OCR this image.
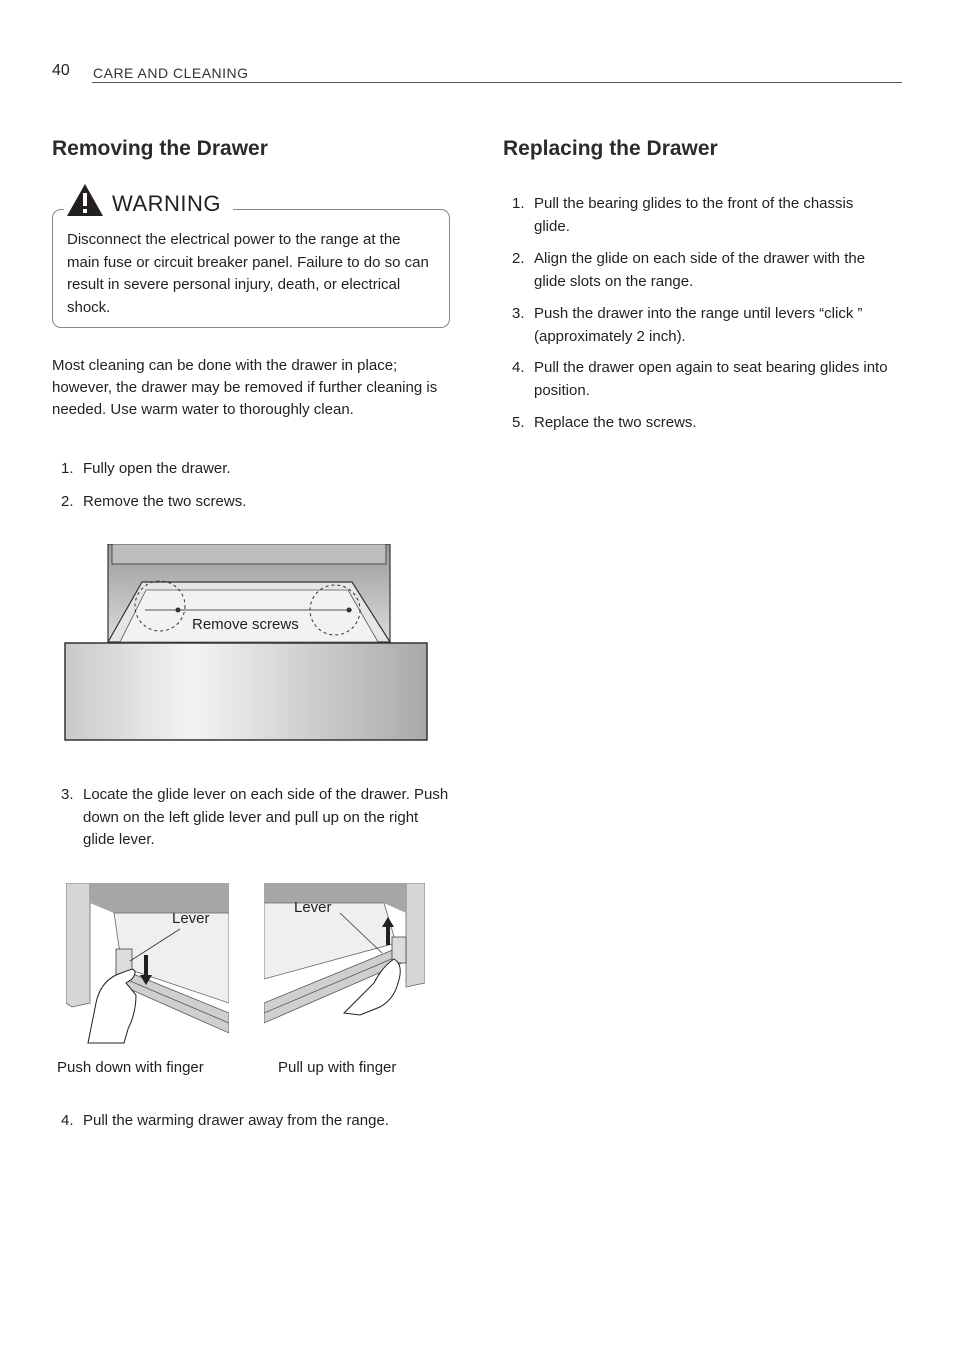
40 CARE AND CLEANING
Removing the Drawer
WARNING
Disconnect the electrical power to the range at the main fuse or circuit breaker panel. Failure to do so can result in severe personal injury, death, or electrical shock.
Most cleaning can be done with the drawer in place; however, the drawer may be removed if further cleaning is needed. Use warm water to thoroughly clean.
1. Fully open the drawer.
2. Remove the two screws.
Remove screws
3. Locate the glide lever on each side of the drawer. Push down on the left glide lever and pull up on the right glide lever.
Lever
Lever
Push down with finger	Pull up with finger
4. Pull the warming drawer away from the range.
Replacing the Drawer
1. Pull the bearing glides to the front of the chassis glide.
2. Align the glide on each side of the drawer with the glide slots on the range.
3. Push the drawer into the range until levers “click ” (approximately 2 inch).
4. Pull the drawer open again to seat bearing glides into position.
5. Replace the two screws.
